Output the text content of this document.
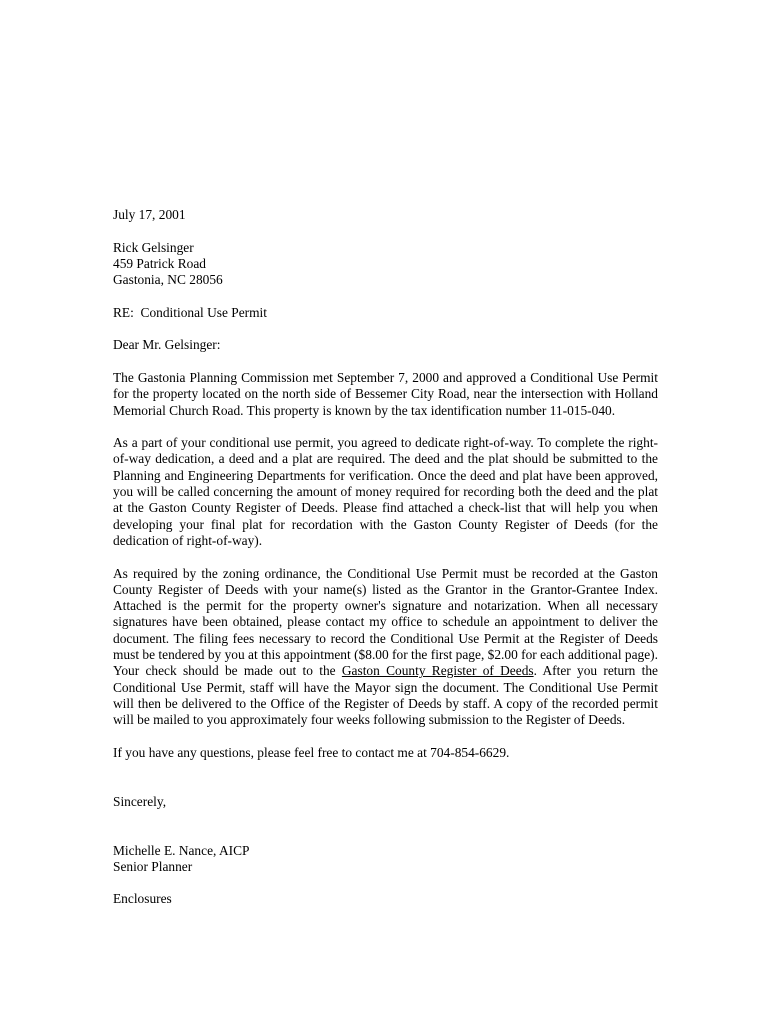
July 17, 2001

Rick Gelsinger

459 Patrick Road

Gastonia, NC 28056

RE:  Conditional Use Permit

Dear Mr. Gelsinger:

The Gastonia Planning Commission met September 7, 2000 and approved a Conditional Use Permit for the property located on the north side of Bessemer City Road, near the intersection with Holland Memorial Church Road. This property is known by the tax identification number 11-015-040.

As a part of your conditional use permit, you agreed to dedicate right-of-way. To complete the right-of-way dedication, a deed and a plat are required. The deed and the plat should be submitted to the Planning and Engineering Departments for verification. Once the deed and plat have been approved, you will be called concerning the amount of money required for recording both the deed and the plat at the Gaston County Register of Deeds. Please find attached a check-list that will help you when developing your final plat for recordation with the Gaston County Register of Deeds (for the dedication of right-of-way).

As required by the zoning ordinance, the Conditional Use Permit must be recorded at the Gaston County Register of Deeds with your name(s) listed as the Grantor in the Grantor-Grantee Index. Attached is the permit for the property owner's signature and notarization. When all necessary signatures have been obtained, please contact my office to schedule an appointment to deliver the document. The filing fees necessary to record the Conditional Use Permit at the Register of Deeds must be tendered by you at this appointment ($8.00 for the first page, $2.00 for each additional page). Your check should be made out to the Gaston County Register of Deeds. After you return the Conditional Use Permit, staff will have the Mayor sign the document. The Conditional Use Permit will then be delivered to the Office of the Register of Deeds by staff. A copy of the recorded permit will be mailed to you approximately four weeks following submission to the Register of Deeds.

If you have any questions, please feel free to contact me at 704-854-6629.

Sincerely,

Michelle E. Nance, AICP

Senior Planner

Enclosures
